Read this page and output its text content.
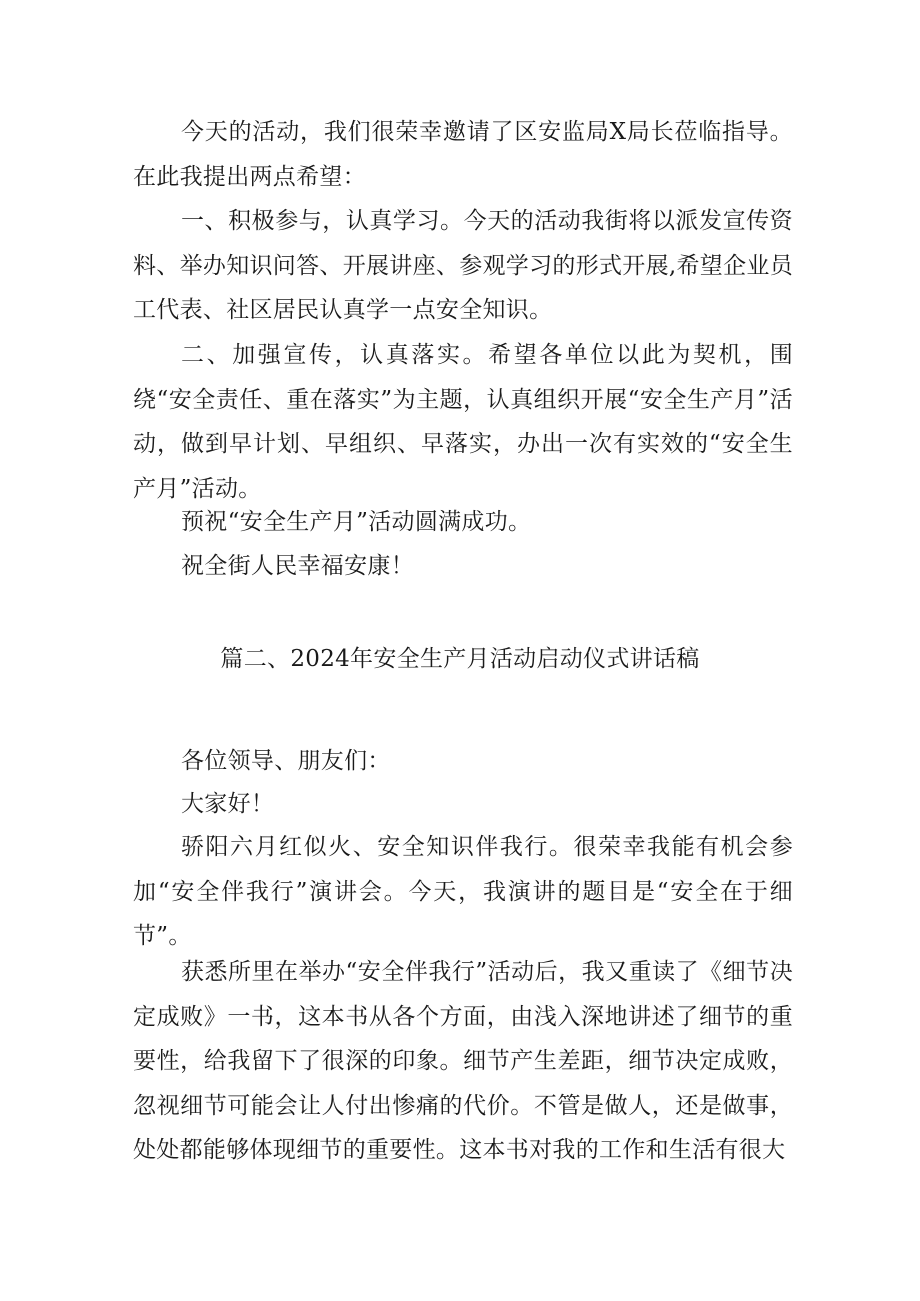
今天的活动，我们很荣幸邀请了区安监局X局长莅临指导。在此我提出两点希望：

一、积极参与，认真学习。今天的活动我街将以派发宣传资料、举办知识问答、开展讲座、参观学习的形式开展,希望企业员工代表、社区居民认真学一点安全知识。

二、加强宣传，认真落实。希望各单位以此为契机，围绕“安全责任、重在落实”为主题，认真组织开展“安全生产月”活动，做到早计划、早组织、早落实，办出一次有实效的“安全生产月”活动。

预祝“安全生产月”活动圆满成功。

祝全街人民幸福安康！

篇二、2024年安全生产月活动启动仪式讲话稿

各位领导、朋友们：

大家好！

骄阳六月红似火、安全知识伴我行。很荣幸我能有机会参加“安全伴我行”演讲会。今天，我演讲的题目是“安全在于细节”。

获悉所里在举办“安全伴我行”活动后，我又重读了《细节决定成败》一书，这本书从各个方面，由浅入深地讲述了细节的重要性，给我留下了很深的印象。细节产生差距，细节决定成败，忽视细节可能会让人付出惨痛的代价。不管是做人，还是做事，处处都能够体现细节的重要性。这本书对我的工作和生活有很大
